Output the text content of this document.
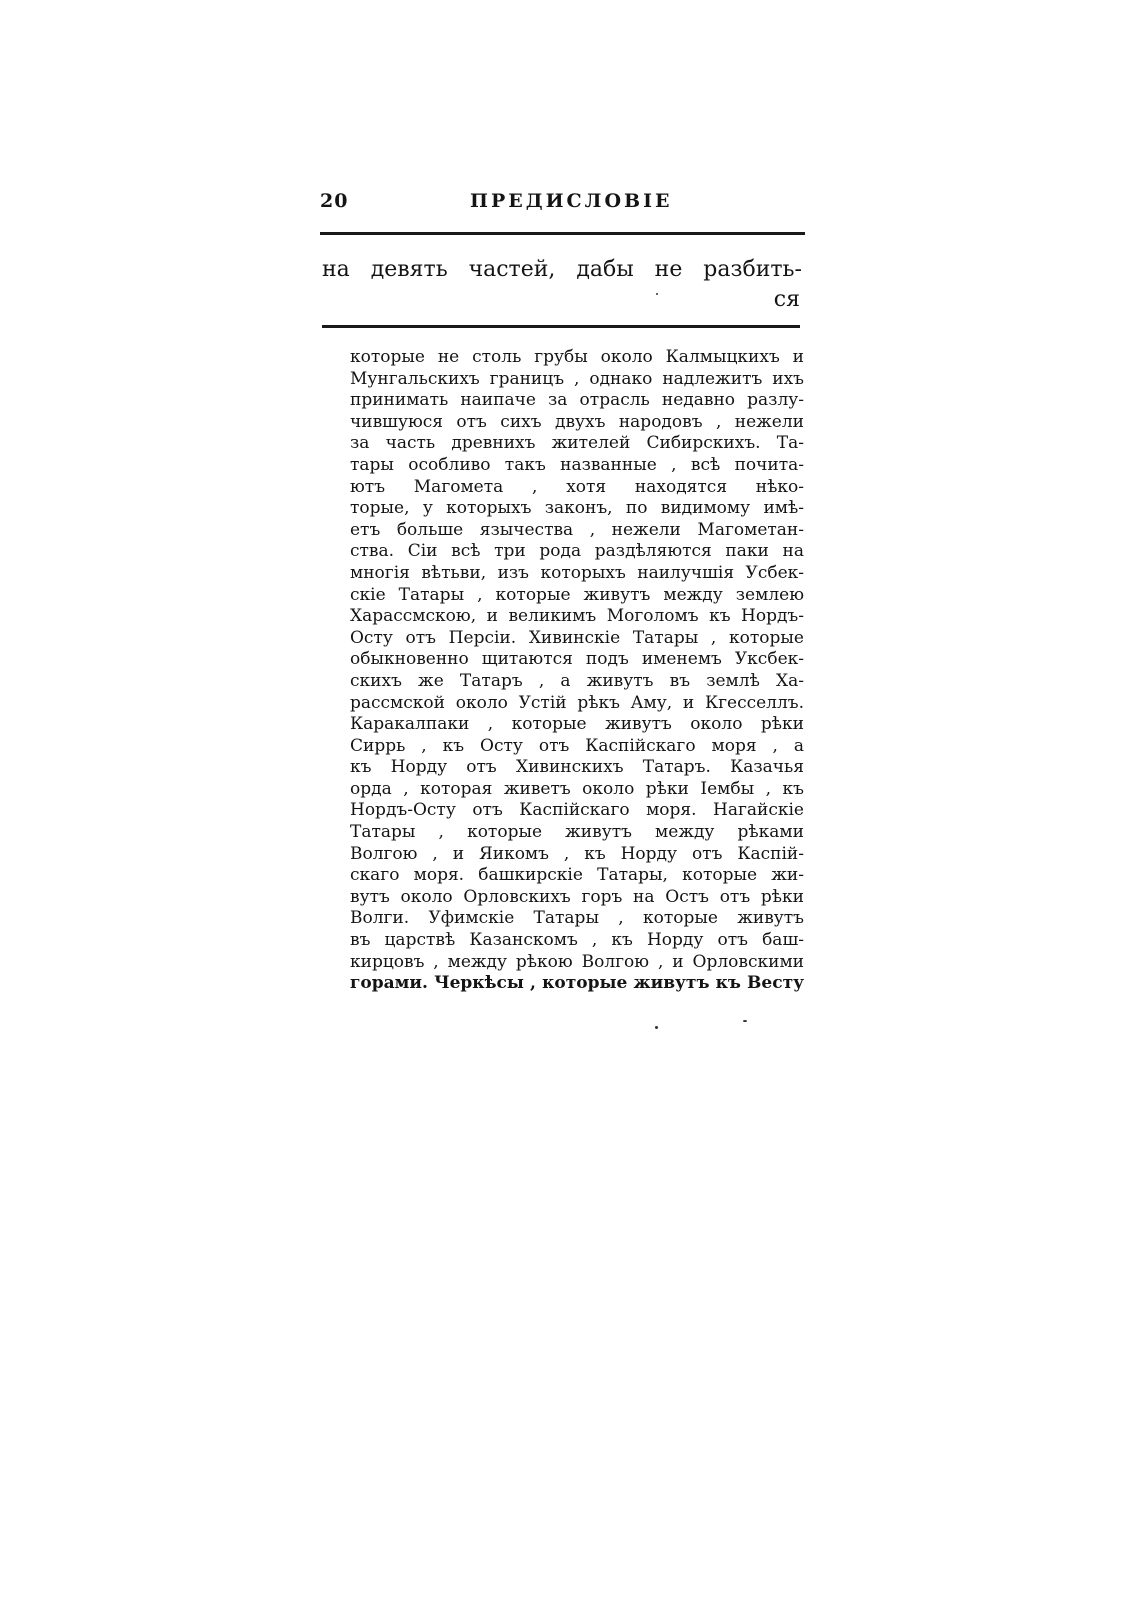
20	ПРЕДИСЛОВІЕ
на девять частей, дабы не разбить-
ся
которые не столь грубы около Калмыцкихъ и
Мунгальскихъ границъ , однако надлежитъ ихъ
принимать наипаче за отрасль недавно разлу-
чившуюся отъ сихъ двухъ народовъ , нежели
за часть древнихъ жителей Сибирскихъ. Та-
тары особливо такъ названные , всѣ почита-
ютъ Магомета , хотя находятся нѣко-
торые, у которыхъ законъ, по видимому имѣ-
етъ больше язычества , нежели Магометан-
ства. Сіи всѣ три рода раздѣляются паки на
многія вѣтьви, изъ которыхъ наилучшія Усбек-
скіе Татары , которые живутъ между землею
Харассмскою, и великимъ Моголомъ къ Нордъ-
Осту отъ Персіи. Хивинскіе Татары , которые
обыкновенно щитаются подъ именемъ Уксбек-
скихъ же Татаръ , а живутъ въ землѣ Ха-
рассмской около Устій рѣкъ Аму, и Кгесселлъ.
Каракалпаки , которые живутъ около рѣки
Сиррь , къ Осту отъ Каспійскаго моря , а
къ Норду отъ Хивинскихъ Татаръ. Казачья
орда , которая живетъ около рѣки Іембы , къ
Нордъ-Осту отъ Каспійскаго моря. Нагайскіе
Татары , которые живутъ между рѣками
Волгою , и Яикомъ , къ Норду отъ Каспій-
скаго моря. башкирскіе Татары, которые жи-
вутъ около Орловскихъ горъ на Остъ отъ рѣки
Волги. Уфимскіе Татары , которые живутъ
въ царствѣ Казанскомъ , къ Норду отъ баш-
кирцовъ , между рѣкою Волгою , и Орловскими
горами. Черкѣсы , которые живутъ къ Весту
